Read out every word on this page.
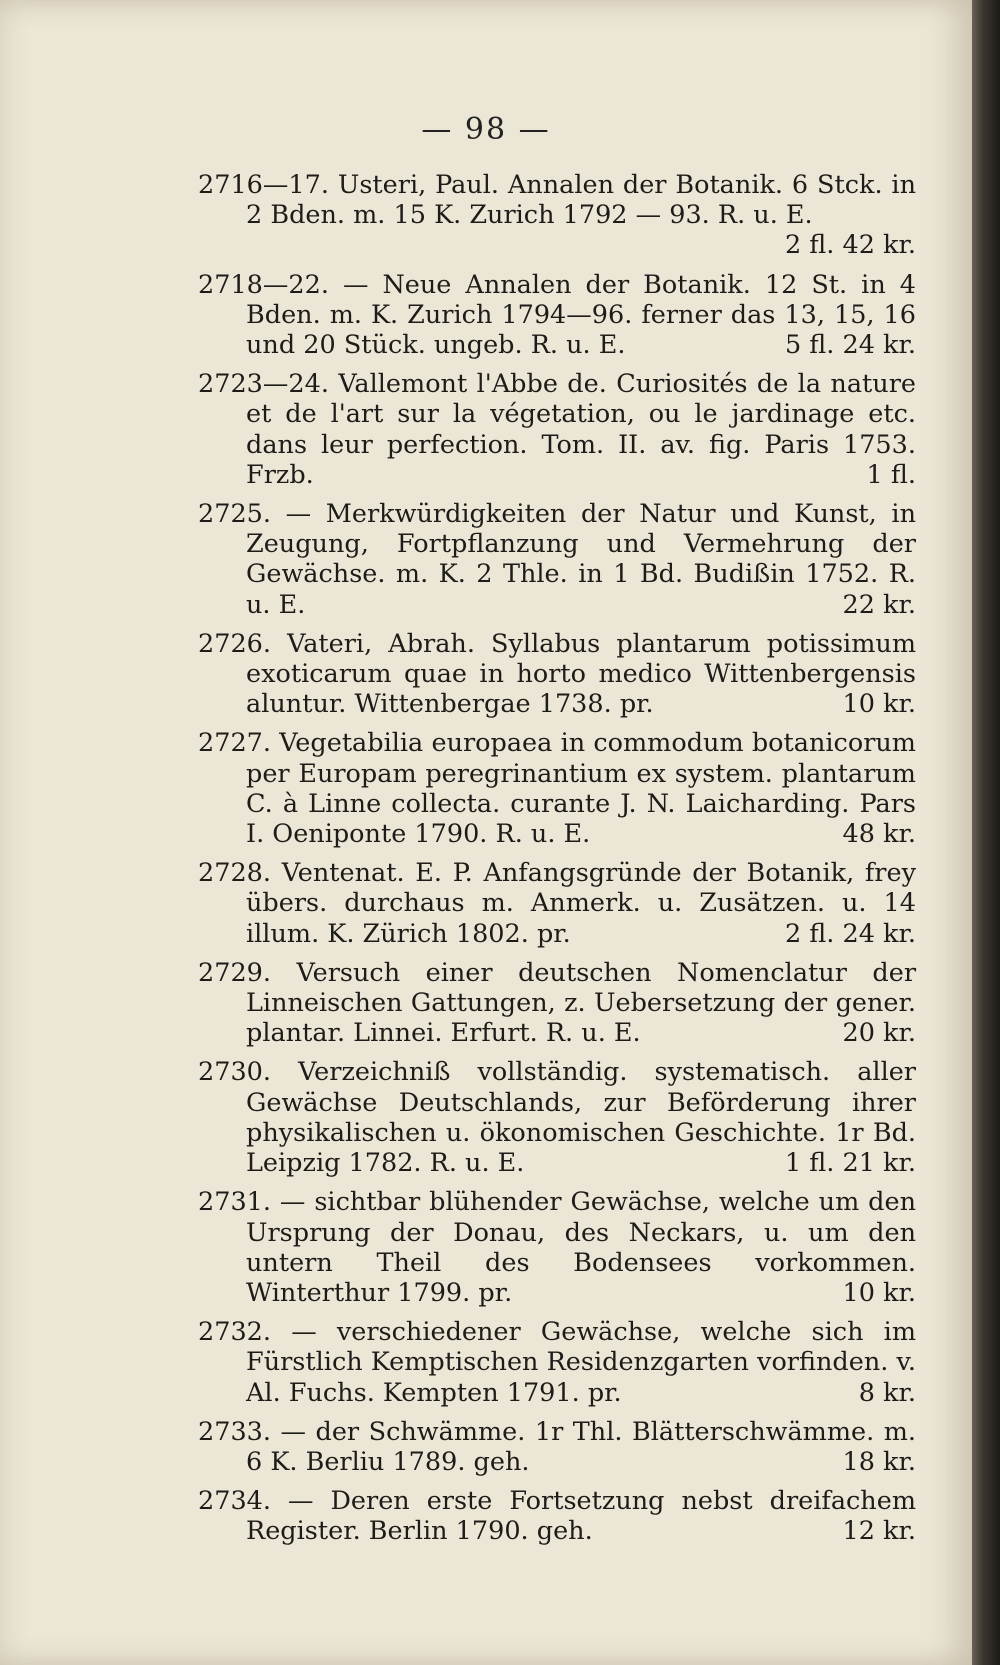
— 98 —
2716—17. Usteri, Paul. Annalen der Botanik. 6 Stck. in 2 Bden. m. 15 K. Zurich 1792 — 93. R. u. E.
2 fl. 42 kr.
2718—22. — Neue Annalen der Botanik. 12 St. in 4 Bden. m. K. Zurich 1794—96. ferner das 13, 15, 16 und 20 Stück. ungeb. R. u. E.	5 fl. 24 kr.
2723—24. Vallemont l'Abbe de. Curiosités de la nature et de l'art sur la végetation, ou le jardinage etc. dans leur perfection. Tom. II. av. fig. Paris 1753. Frzb.	1 fl.
2725. — Merkwürdigkeiten der Natur und Kunst, in Zeugung, Fortpflanzung und Vermehrung der Gewächse. m. K. 2 Thle. in 1 Bd. Budißin 1752. R. u. E.	22 kr.
2726. Vateri, Abrah. Syllabus plantarum potissimum exoticarum quae in horto medico Wittenbergensis aluntur. Wittenbergae 1738. pr.	10 kr.
2727. Vegetabilia europaea in commodum botanicorum per Europam peregrinantium ex system. plantarum C. à Linne collecta. curante J. N. Laicharding. Pars I. Oeniponte 1790. R. u. E.	48 kr.
2728. Ventenat. E. P. Anfangsgründe der Botanik, frey übers. durchaus m. Anmerk. u. Zusätzen. u. 14 illum. K. Zürich 1802. pr.	2 fl. 24 kr.
2729. Versuch einer deutschen Nomenclatur der Linneischen Gattungen, z. Uebersetzung der gener. plantar. Linnei. Erfurt. R. u. E.	20 kr.
2730. Verzeichniß vollständig. systematisch. aller Gewächse Deutschlands, zur Beförderung ihrer physikalischen u. ökonomischen Geschichte. 1r Bd. Leipzig 1782. R. u. E.	1 fl. 21 kr.
2731. — sichtbar blühender Gewächse, welche um den Ursprung der Donau, des Neckars, u. um den untern Theil des Bodensees vorkommen. Winterthur 1799. pr.	10 kr.
2732. — verschiedener Gewächse, welche sich im Fürstlich Kemptischen Residenzgarten vorfinden. v. Al. Fuchs. Kempten 1791. pr.	8 kr.
2733. — der Schwämme. 1r Thl. Blätterschwämme. m. 6 K. Berliu 1789. geh.	18 kr.
2734. — Deren erste Fortsetzung nebst dreifachem Register. Berlin 1790. geh.	12 kr.
